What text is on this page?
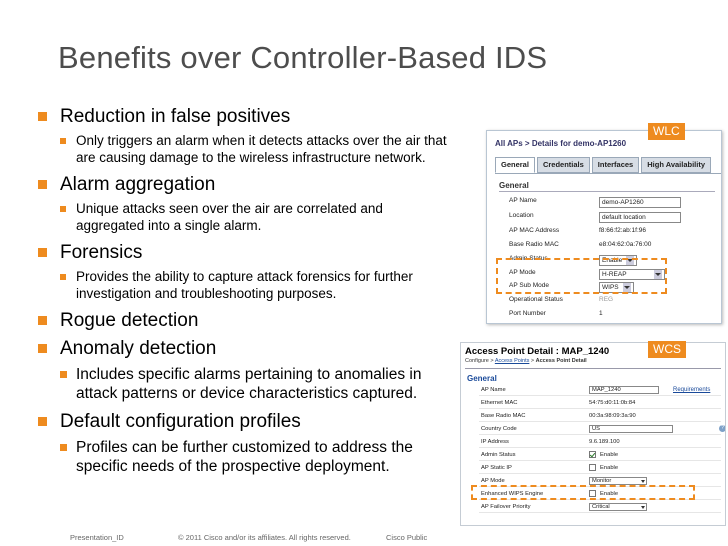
Benefits over Controller-Based IDS
Reduction in false positives
Only triggers an alarm when it detects attacks over the air that are causing damage to the wireless infrastructure network.
Alarm aggregation
Unique attacks seen over the air are correlated and aggregated into a single alarm.
Forensics
Provides the ability to capture attack forensics for further investigation and troubleshooting purposes.
Rogue detection
Anomaly detection
Includes specific alarms pertaining to anomalies in attack patterns or device characteristics captured.
Default configuration profiles
Profiles can be further customized to address the specific needs of the prospective deployment.
All APs > Details for demo-AP1260
General	Credentials	Interfaces	High Availability
General
AP Name	demo-AP1260
Location	default location
AP MAC Address	f8:66:f2:ab:1f:96
Base Radio MAC	e8:04:62:0a:76:00
Admin Status	Enable
AP Mode	H-REAP
AP Sub Mode	WIPS
Operational Status	REG
Port Number	1
WLC
Access Point Detail : MAP_1240
Configure > Access Points > Access Point Detail
General
AP Name	MAP_1240	Requirements
Ethernet MAC	54:75:d0:11:0b:84
Base Radio MAC	00:3a:98:09:3a:90
Country Code	US	?
IP Address	9.6.189.100
Admin Status	Enable
AP Static IP	Enable
AP Mode	Monitor
Enhanced WIPS Engine	Enable
AP Failover Priority	Critical
WCS
Presentation_ID	© 2011 Cisco and/or its affiliates. All rights reserved.	Cisco Public
